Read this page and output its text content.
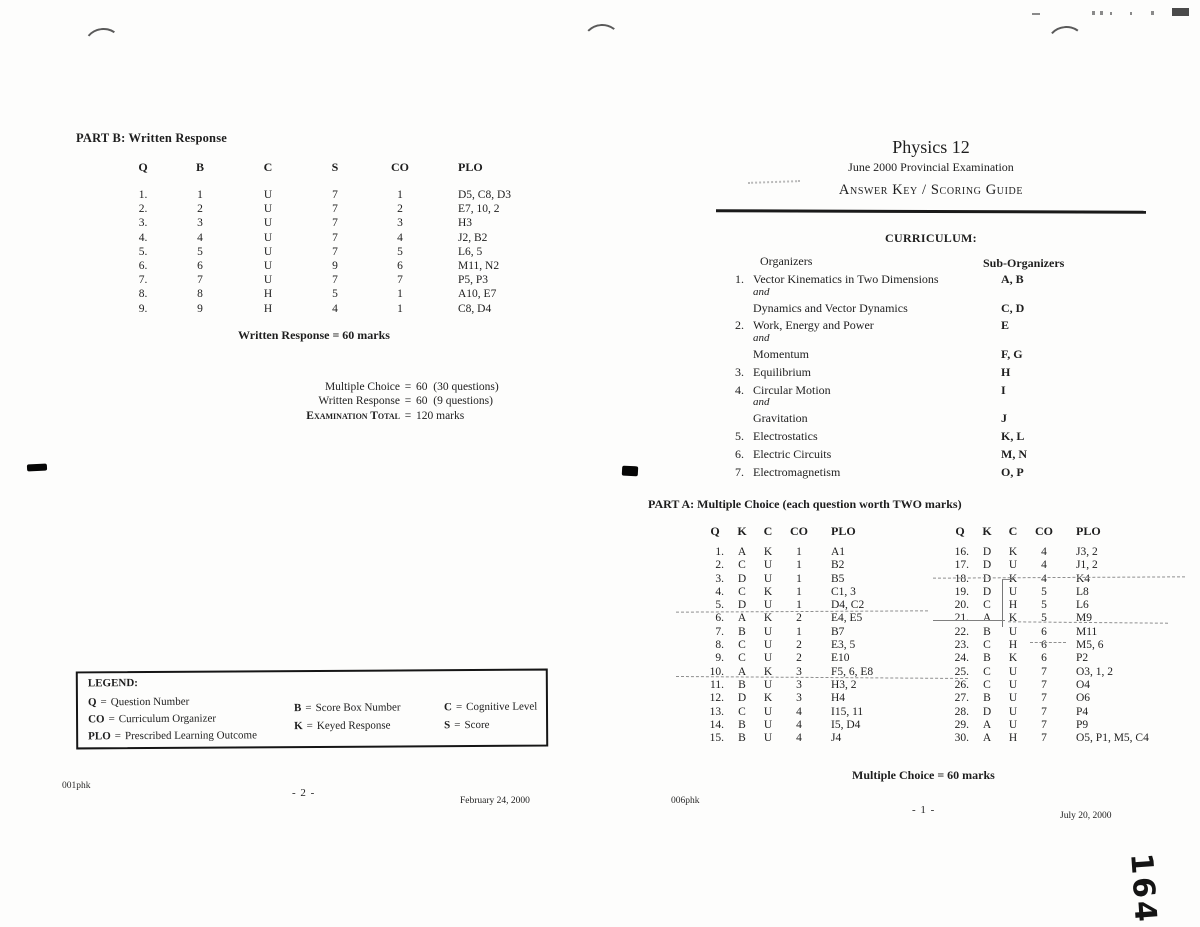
PART B: Written Response
Q	B	C	S	CO	PLO
1.	1	U	7	1	D5, C8, D3
2.	2	U	7	2	E7, 10, 2
3.	3	U	7	3	H3
4.	4	U	7	4	J2, B2
5.	5	U	7	5	L6, 5
6.	6	U	9	6	M11, N2
7.	7	U	7	7	P5, P3
8.	8	H	5	1	A10, E7
9.	9	H	4	1	C8, D4
Written Response = 60 marks
Multiple Choice = 60  (30 questions)
Written Response = 60  (9 questions)
Examination Total = 120 marks
LEGEND:
Q = Question Number
CO = Curriculum Organizer
PLO = Prescribed Learning Outcome
B = Score Box Number
K = Keyed Response
C = Cognitive Level
S = Score
001phk
- 2 -
February 24, 2000
Physics 12
June 2000 Provincial Examination
Answer Key / Scoring Guide
CURRICULUM:
Organizers	Sub-Organizers
1. Vector Kinematics in Two Dimensions	A, B
and
Dynamics and Vector Dynamics	C, D
2. Work, Energy and Power	E
and
Momentum	F, G
3. Equilibrium	H
4. Circular Motion	I
and
Gravitation	J
5. Electrostatics	K, L
6. Electric Circuits	M, N
7. Electromagnetism	O, P
PART A: Multiple Choice (each question worth TWO marks)
Q	K	C	CO	PLO
1.	A	K	1	A1
2.	C	U	1	B2
3.	D	U	1	B5
4.	C	K	1	C1, 3
5.	D	U	1	D4, C2
6.	A	K	2	E4, E5
7.	B	U	1	B7
8.	C	U	2	E3, 5
9.	C	U	2	E10
10.	A	K	3	F5, 6, E8
11.	B	U	3	H3, 2
12.	D	K	3	H4
13.	C	U	4	I15, 11
14.	B	U	4	I5, D4
15.	B	U	4	J4
Q	K	C	CO	PLO
16.	D	K	4	J3, 2
17.	D	U	4	J1, 2
18.	D	K	4	K4
19.	D	U	5	L8
20.	C	H	5	L6
21.	A	K	5	M9
22.	B	U	6	M11
23.	C	H	6	M5, 6
24.	B	K	6	P2
25.	C	U	7	O3, 1, 2
26.	C	U	7	O4
27.	B	U	7	O6
28.	D	U	7	P4
29.	A	U	7	P9
30.	A	H	7	O5, P1, M5, C4
Multiple Choice = 60 marks
006phk
- 1 -	July 20, 2000
164
